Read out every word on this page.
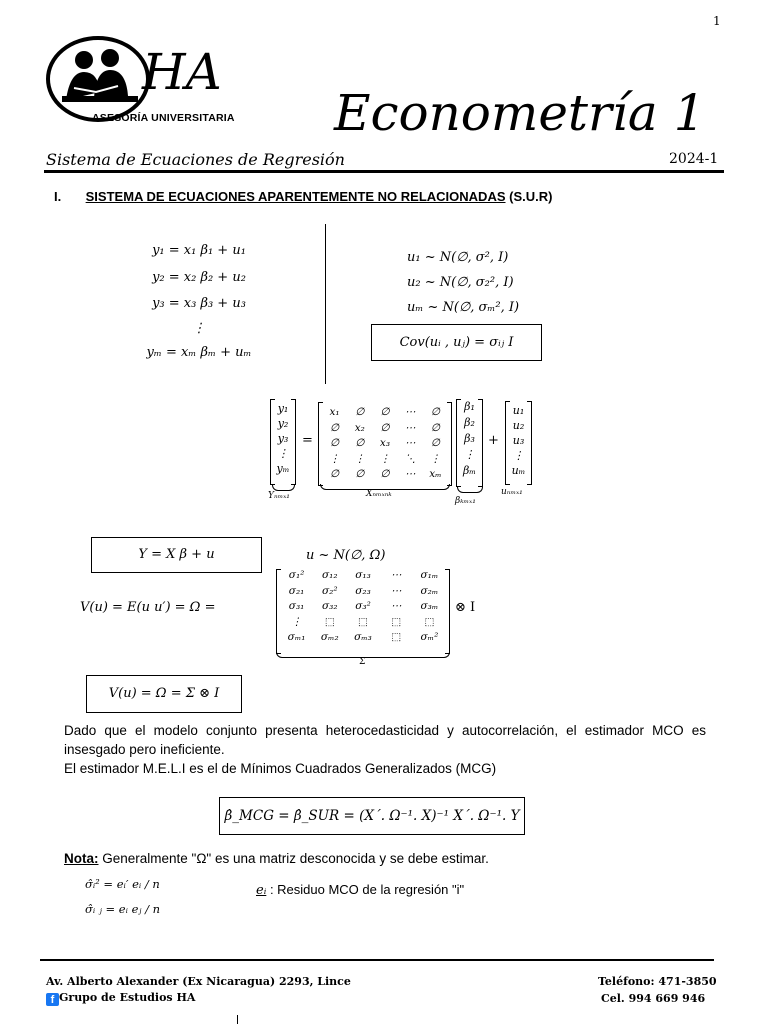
1
HA
ASESORÍA UNIVERSITARIA Econometría 1
Sistema de Ecuaciones de Regresión	2024-1
I. SISTEMA DE ECUACIONES APARENTEMENTE NO RELACIONADAS (S.U.R)
y₁ = x₁ β₁ + u₁
y₂ = x₂ β₂ + u₂
y₃ = x₃ β₃ + u₃
⋮
yₘ = xₘ βₘ + uₘ
u₁ ~ N(∅, σ², I)
u₂ ~ N(∅, σ₂², I)
uₘ ~ N(∅, σₘ², I)
Cov(uᵢ , uⱼ) = σᵢⱼ I
y₁
y₂
y₃
⋮
yₘ
Yₙₘₓ₁
=
x₁	∅	∅	⋯	∅
∅	x₂	∅	⋯	∅
∅	∅	x₃	⋯	∅
⋮	⋮	⋮	⋱	⋮
∅	∅	∅	⋯	xₘ
Xₙₘₓₙₖ
β₁
β₂
β₃
⋮
βₘ
βₖₘₓ₁
+
u₁
u₂
u₃
⋮
uₘ
uₙₘₓ₁
Y = X β + u	u ~ N(∅, Ω)
V(u) = E(u u′) = Ω =
σ₁²	σ₁₂	σ₁₃	⋯	σ₁ₘ
σ₂₁	σ₂²	σ₂₃	⋯	σ₂ₘ
σ₃₁	σ₃₂	σ₃²	⋯	σ₃ₘ
⋮	⬚	⬚	⬚	⬚
σₘ₁	σₘ₂	σₘ₃	⬚	σₘ²
Σ
⊗ I
V(u) = Ω = Σ ⊗ I
Dado que el modelo conjunto presenta heterocedasticidad y autocorrelación, el estimador MCO es insesgado pero ineficiente.
El estimador M.E.L.I es el de Mínimos Cuadrados Generalizados (MCG)
β̂_MCG = β̂_SUR = (X´. Ω⁻¹. X)⁻¹ X´. Ω⁻¹. Y
Nota: Generalmente "Ω" es una matriz desconocida y se debe estimar.
σ̂ᵢ² = eᵢ′ eᵢ / n
σ̂ᵢ ⱼ = eᵢ eⱼ / n
eᵢ : Residuo MCO de la regresión "i"
Av. Alberto Alexander (Ex Nicaragua) 2293, Lince
f Grupo de Estudios HA
Teléfono: 471-3850
Cel. 994 669 946
